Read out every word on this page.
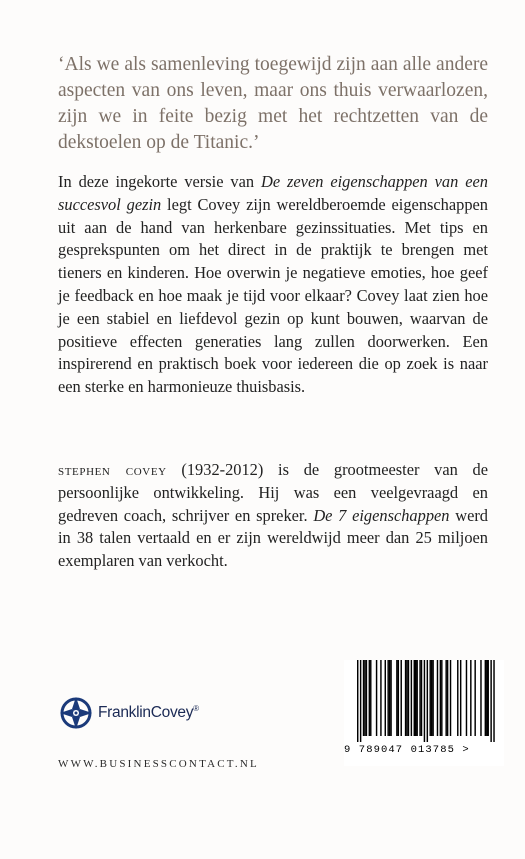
‘Als we als samenleving toegewijd zijn aan alle andere aspecten van ons leven, maar ons thuis verwaarlozen, zijn we in feite bezig met het rechtzetten van de dekstoelen op de Titanic.’
In deze ingekorte versie van De zeven eigenschappen van een succesvol gezin legt Covey zijn wereldberoemde eigenschappen uit aan de hand van herkenbare gezinssituaties. Met tips en gesprekspunten om het direct in de praktijk te brengen met tieners en kinderen. Hoe overwin je negatieve emoties, hoe geef je feedback en hoe maak je tijd voor elkaar? Covey laat zien hoe je een stabiel en liefdevol gezin op kunt bouwen, waarvan de positieve effecten generaties lang zullen doorwerken. Een inspirerend en praktisch boek voor iedereen die op zoek is naar een sterke en harmonieuze thuisbasis.
stephen covey (1932-2012) is de grootmeester van de persoonlijke ontwikkeling. Hij was een veelgevraagd en gedreven coach, schrijver en spreker. De 7 eigenschappen werd in 38 talen vertaald en er zijn wereldwijd meer dan 25 miljoen exemplaren van verkocht.
FranklinCovey®
WWW.BUSINESSCONTACT.NL
9 789047 013785 >
